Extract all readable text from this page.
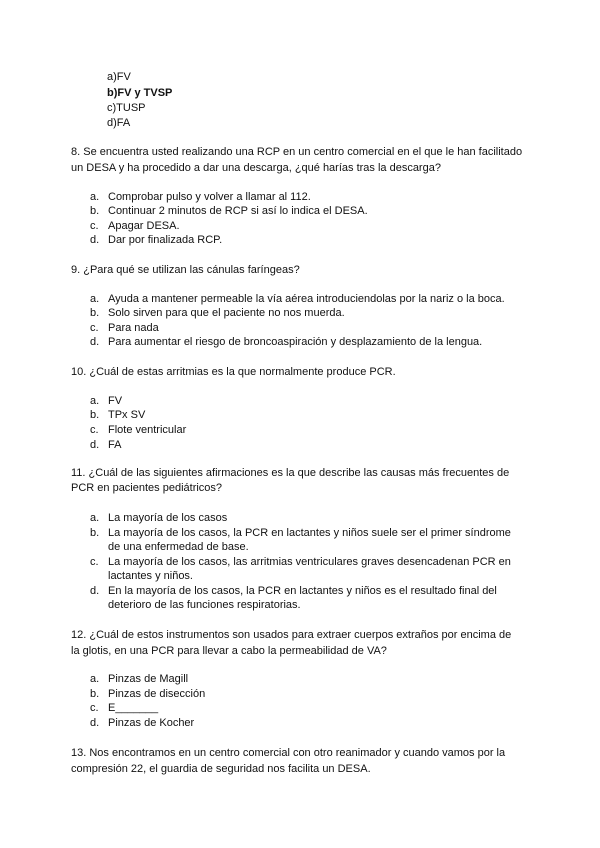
a)FV
b)FV y TVSP
c)TUSP
d)FA
8. Se encuentra usted realizando una RCP en un centro comercial en el que le han facilitado
un DESA y ha procedido a dar una descarga, ¿qué harías tras la descarga?
a. Comprobar pulso y volver a llamar al 112.
b. Continuar 2 minutos de RCP si así lo indica el DESA.
c. Apagar DESA.
d. Dar por finalizada RCP.
9. ¿Para qué se utilizan las cánulas faríngeas?
a. Ayuda a mantener permeable la vía aérea introduciendolas por la nariz o la boca.
b. Solo sirven para que el paciente no nos muerda.
c. Para nada
d. Para aumentar el riesgo de broncoaspiración y desplazamiento de la lengua.
10. ¿Cuál de estas arritmias es la que normalmente produce PCR.
a. FV
b. TPx SV
c. Flote ventricular
d. FA
11. ¿Cuál de las siguientes afirmaciones es la que describe las causas más frecuentes de
PCR en pacientes pediátricos?
a. La mayoría de los casos
b. La mayoría de los casos, la PCR en lactantes y niños suele ser el primer síndrome
de una enfermedad de base.
c. La mayoría de los casos, las arritmias ventriculares graves desencadenan PCR en
lactantes y niños.
d. En la mayoría de los casos, la PCR en lactantes y niños es el resultado final del
deterioro de las funciones respiratorias.
12. ¿Cuál de estos instrumentos son usados para extraer cuerpos extraños por encima de
la glotis, en una PCR para llevar a cabo la permeabilidad de VA?
a. Pinzas de Magill
b. Pinzas de disección
c. E_______
d. Pinzas de Kocher
13. Nos encontramos en un centro comercial con otro reanimador y cuando vamos por la
compresión 22, el guardia de seguridad nos facilita un DESA.
